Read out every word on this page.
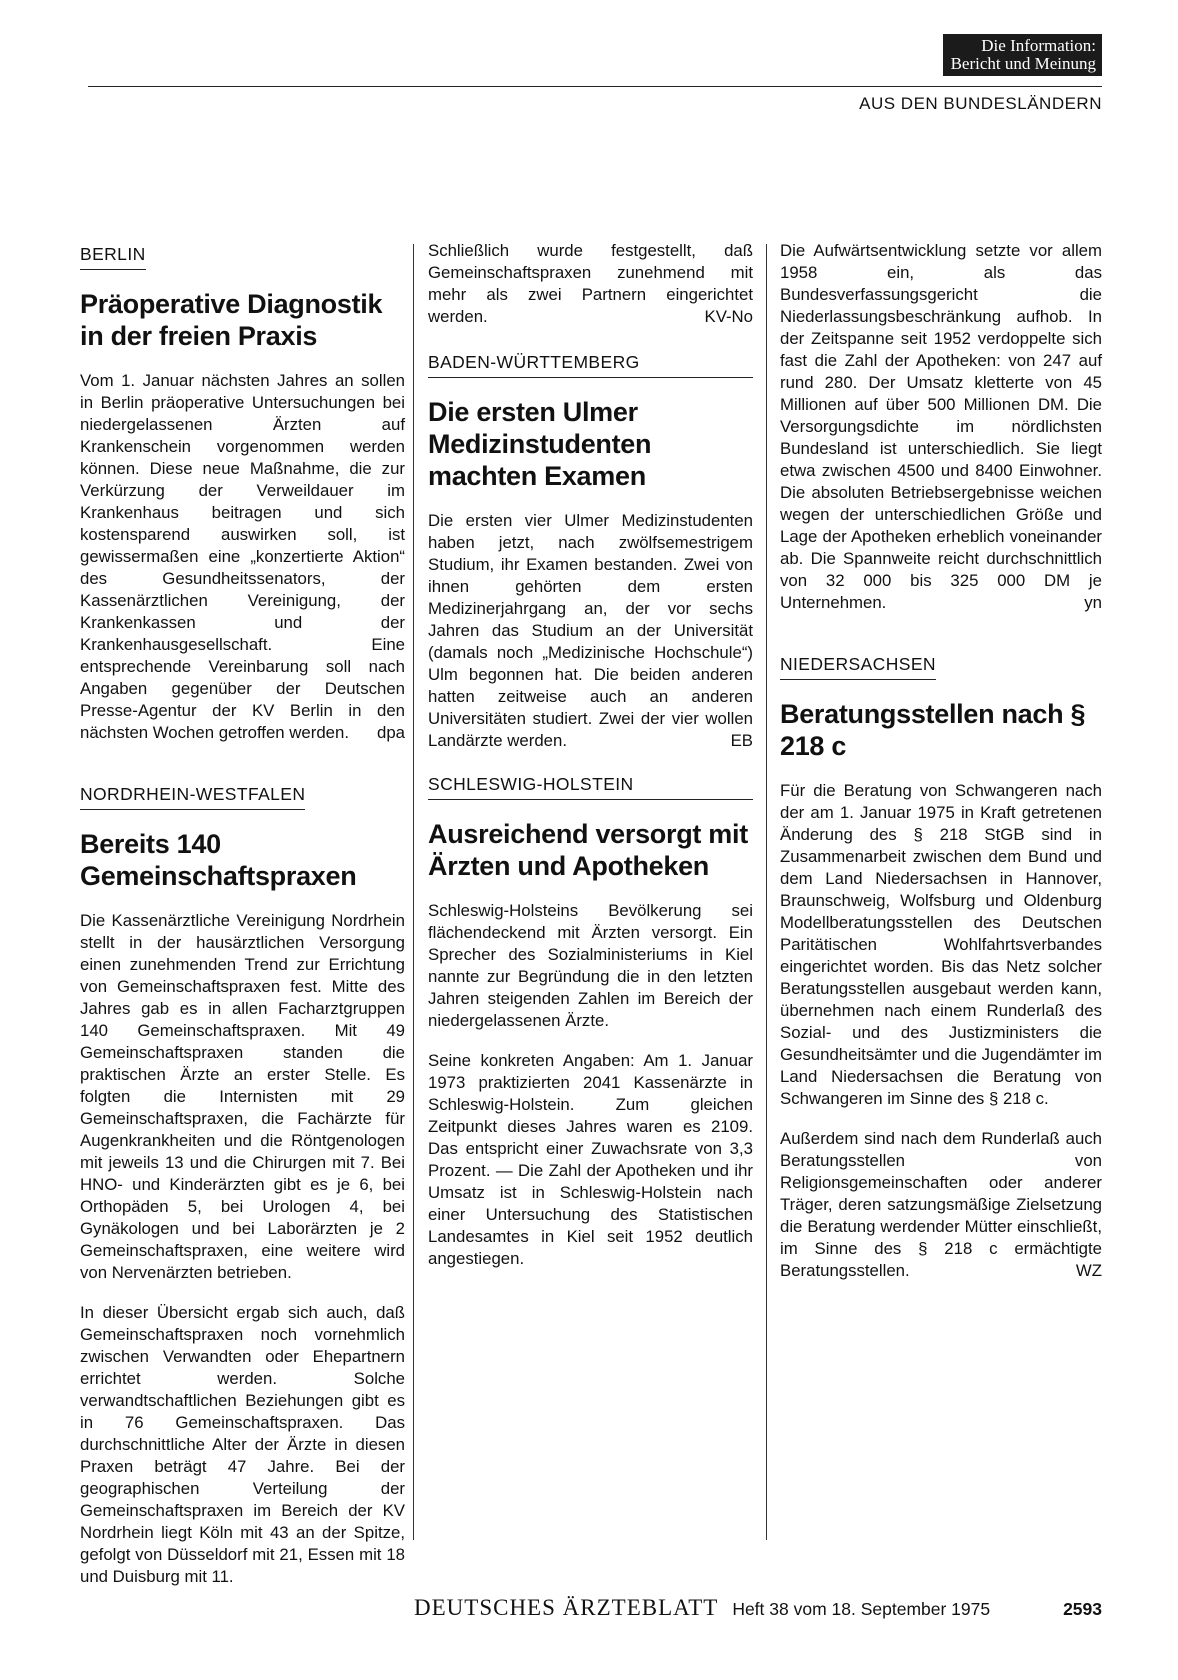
Die Information:
Bericht und Meinung
AUS DEN BUNDESLÄNDERN
BERLIN
Präoperative Diagnostik in der freien Praxis

Vom 1. Januar nächsten Jahres an sollen in Berlin präoperative Untersuchungen bei niedergelassenen Ärzten auf Krankenschein vorgenommen werden können. Diese neue Maßnahme, die zur Verkürzung der Verweildauer im Krankenhaus beitragen und sich kostensparend auswirken soll, ist gewissermaßen eine „konzertierte Aktion“ des Gesundheitssenators, der Kassenärztlichen Vereinigung, der Krankenkassen und der Krankenhausgesellschaft. Eine entsprechende Vereinbarung soll nach Angaben gegenüber der Deutschen Presse-Agentur der KV Berlin in den nächsten Wochen getroffen werden. dpa

NORDRHEIN-WESTFALEN
Bereits 140 Gemeinschaftspraxen

Die Kassenärztliche Vereinigung Nordrhein stellt in der hausärztlichen Versorgung einen zunehmenden Trend zur Errichtung von Gemeinschaftspraxen fest. Mitte des Jahres gab es in allen Facharztgruppen 140 Gemeinschaftspraxen. Mit 49 Gemeinschaftspraxen standen die praktischen Ärzte an erster Stelle. Es folgten die Internisten mit 29 Gemeinschaftspraxen, die Fachärzte für Augenkrankheiten und die Röntgenologen mit jeweils 13 und die Chirurgen mit 7. Bei HNO- und Kinderärzten gibt es je 6, bei Orthopäden 5, bei Urologen 4, bei Gynäkologen und bei Laborärzten je 2 Gemeinschaftspraxen, eine weitere wird von Nervenärzten betrieben.

In dieser Übersicht ergab sich auch, daß Gemeinschaftspraxen noch vornehmlich zwischen Verwandten oder Ehepartnern errichtet werden. Solche verwandtschaftlichen Beziehungen gibt es in 76 Gemeinschaftspraxen. Das durchschnittliche Alter der Ärzte in diesen Praxen beträgt 47 Jahre. Bei der geographischen Verteilung der Gemeinschaftspraxen im Bereich der KV Nordrhein liegt Köln mit 43 an der Spitze, gefolgt von Düsseldorf mit 21, Essen mit 18 und Duisburg mit 11.

Schließlich wurde festgestellt, daß Gemeinschaftspraxen zunehmend mit mehr als zwei Partnern eingerichtet werden.	KV-No

BADEN-WÜRTTEMBERG
Die ersten Ulmer Medizinstudenten machten Examen

Die ersten vier Ulmer Medizinstudenten haben jetzt, nach zwölfsemestrigem Studium, ihr Examen bestanden. Zwei von ihnen gehörten dem ersten Medizinerjahrgang an, der vor sechs Jahren das Studium an der Universität (damals noch „Medizinische Hochschule“) Ulm begonnen hat. Die beiden anderen hatten zeitweise auch an anderen Universitäten studiert. Zwei der vier wollen Landärzte werden.	EB

SCHLESWIG-HOLSTEIN
Ausreichend versorgt mit Ärzten und Apotheken

Schleswig-Holsteins Bevölkerung sei flächendeckend mit Ärzten versorgt. Ein Sprecher des Sozialministeriums in Kiel nannte zur Begründung die in den letzten Jahren steigenden Zahlen im Bereich der niedergelassenen Ärzte.

Seine konkreten Angaben: Am 1. Januar 1973 praktizierten 2041 Kassenärzte in Schleswig-Holstein. Zum gleichen Zeitpunkt dieses Jahres waren es 2109. Das entspricht einer Zuwachsrate von 3,3 Prozent. — Die Zahl der Apotheken und ihr Umsatz ist in Schleswig-Holstein nach einer Untersuchung des Statistischen Landesamtes in Kiel seit 1952 deutlich angestiegen.

Die Aufwärtsentwicklung setzte vor allem 1958 ein, als das Bundesverfassungsgericht die Niederlassungsbeschränkung aufhob. In der Zeitspanne seit 1952 verdoppelte sich fast die Zahl der Apotheken: von 247 auf rund 280. Der Umsatz kletterte von 45 Millionen auf über 500 Millionen DM. Die Versorgungsdichte im nördlichsten Bundesland ist unterschiedlich. Sie liegt etwa zwischen 4500 und 8400 Einwohner. Die absoluten Betriebsergebnisse weichen wegen der unterschiedlichen Größe und Lage der Apotheken erheblich voneinander ab. Die Spannweite reicht durchschnittlich von 32 000 bis 325 000 DM je Unternehmen.	yn

NIEDERSACHSEN
Beratungsstellen nach § 218 c

Für die Beratung von Schwangeren nach der am 1. Januar 1975 in Kraft getretenen Änderung des § 218 StGB sind in Zusammenarbeit zwischen dem Bund und dem Land Niedersachsen in Hannover, Braunschweig, Wolfsburg und Oldenburg Modellberatungsstellen des Deutschen Paritätischen Wohlfahrtsverbandes eingerichtet worden. Bis das Netz solcher Beratungsstellen ausgebaut werden kann, übernehmen nach einem Runderlaß des Sozial- und des Justizministers die Gesundheitsämter und die Jugendämter im Land Niedersachsen die Beratung von Schwangeren im Sinne des § 218 c.

Außerdem sind nach dem Runderlaß auch Beratungsstellen von Religionsgemeinschaften oder anderer Träger, deren satzungsmäßige Zielsetzung die Beratung werdender Mütter einschließt, im Sinne des § 218 c ermächtigte Beratungsstellen.	WZ

DEUTSCHES ÄRZTEBLATT Heft 38 vom 18. September 1975	2593
